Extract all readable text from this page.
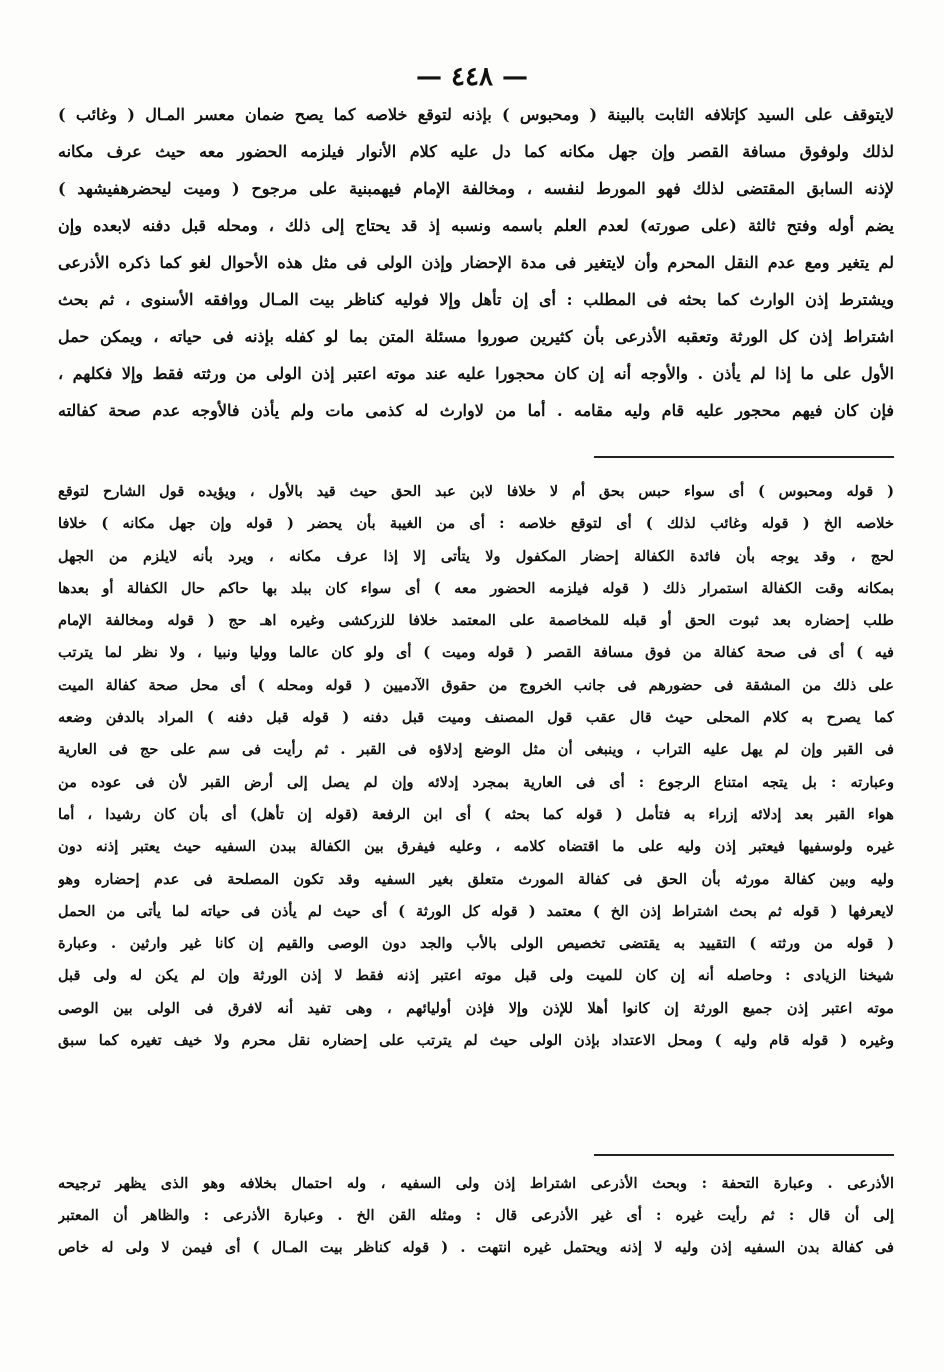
— ٤٤٨ —
لايتوقف على السيد كإتلافه الثابت بالبينة ( ومحبوس ) بإذنه لتوقع خلاصه كما يصح ضمان معسر المـال ( وغائب )
لذلك ولوفوق مسافة القصر وإن جهل مكانه كما دل عليه كلام الأنوار فيلزمه الحضور معه حيث عرف مكانه
لإذنه السابق المقتضى لذلك فهو المورط لنفسه ، ومخالفة الإمام فيهمبنية على مرجوح ( وميت ليحضرهفيشهد )
يضم أوله وفتح ثالثة (على صورته) لعدم العلم باسمه ونسبه إذ قد يحتاج إلى ذلك ، ومحله قبل دفنه لابعده وإن
لم يتغير ومع عدم النقل المحرم وأن لايتغير فى مدة الإحضار وإذن الولى فى مثل هذه الأحوال لغو كما ذكره الأذرعى
ويشترط إذن الوارث كما بحثه فى المطلب : أى إن تأهل وإلا فوليه كناظر بيت المـال ووافقه الأسنوى ، ثم بحث
اشتراط إذن كل الورثة وتعقبه الأذرعى بأن كثيرين صوروا مسئلة المتن بما لو كفله بإذنه فى حياته ، ويمكن حمل
الأول على ما إذا لم يأذن . والأوجه أنه إن كان محجورا عليه عند موته اعتبر إذن الولى من ورثته فقط وإلا فكلهم ،
فإن كان فيهم محجور عليه قام وليه مقامه . أما من لاوارث له كذمى مات ولم يأذن فالأوجه عدم صحة كفالته
( قوله ومحبوس ) أى سواء حبس بحق أم لا خلافا لابن عبد الحق حيث قيد بالأول ، ويؤيده قول الشارح لتوقع
خلاصه الخ ( قوله وغائب لذلك ) أى لتوقع خلاصه : أى من الغيبة بأن يحضر ( قوله وإن جهل مكانه ) خلافا
لحج ، وقد يوجه بأن فائدة الكفالة إحضار المكفول ولا يتأتى إلا إذا عرف مكانه ، ويرد بأنه لايلزم من الجهل
بمكانه وقت الكفالة استمرار ذلك ( قوله فيلزمه الحضور معه ) أى سواء كان ببلد بها حاكم حال الكفالة أو بعدها
طلب إحضاره بعد ثبوت الحق أو قبله للمخاصمة على المعتمد خلافا للزركشى وغيره اهـ حج ( قوله ومخالفة الإمام
فيه ) أى فى صحة كفالة من فوق مسافة القصر ( قوله وميت ) أى ولو كان عالما ووليا ونبيا ، ولا نظر لما يترتب
على ذلك من المشقة فى حضورهم فى جانب الخروج من حقوق الآدميين ( قوله ومحله ) أى محل صحة كفالة الميت
كما يصرح به كلام المحلى حيث قال عقب قول المصنف وميت قبل دفنه ( قوله قبل دفنه ) المراد بالدفن وضعه
فى القبر وإن لم يهل عليه التراب ، وينبغى أن مثل الوضع إدلاؤه فى القبر . ثم رأيت فى سم على حج فى العارية
وعبارته : بل يتجه امتناع الرجوع : أى فى العارية بمجرد إدلائه وإن لم يصل إلى أرض القبر لأن فى عوده من
هواء القبر بعد إدلائه إزراء به فتأمل ( قوله كما بحثه ) أى ابن الرفعة (قوله إن تأهل) أى بأن كان رشيدا ، أما
غيره ولوسفيها فيعتبر إذن وليه على ما اقتضاه كلامه ، وعليه فيفرق بين الكفالة ببدن السفيه حيث يعتبر إذنه دون
وليه وبين كفالة مورثه بأن الحق فى كفالة المورث متعلق بغير السفيه وقد تكون المصلحة فى عدم إحضاره وهو
لايعرفها ( قوله ثم بحث اشتراط إذن الخ ) معتمد ( قوله كل الورثة ) أى حيث لم يأذن فى حياته لما يأتى من الحمل
( قوله من ورثته ) التقييد به يقتضى تخصيص الولى بالأب والجد دون الوصى والقيم إن كانا غير وارثين . وعبارة
شيخنا الزيادى : وحاصله أنه إن كان للميت ولى قبل موته اعتبر إذنه فقط لا إذن الورثة وإن لم يكن له ولى قبل
موته اعتبر إذن جميع الورثة إن كانوا أهلا للإذن وإلا فإذن أوليائهم ، وهى تفيد أنه لافرق فى الولى بين الوصى
وغيره ( قوله قام وليه ) ومحل الاعتداد بإذن الولى حيث لم يترتب على إحضاره نقل محرم ولا خيف تغيره كما سبق
الأذرعى . وعبارة التحفة : وبحث الأذرعى اشتراط إذن ولى السفيه ، وله احتمال بخلافه وهو الذى يظهر ترجيحه
إلى أن قال : ثم رأيت غيره : أى غير الأذرعى قال : ومثله القن الخ . وعبارة الأذرعى : والظاهر أن المعتبر
فى كفالة بدن السفيه إذن وليه لا إذنه ويحتمل غيره انتهت . ( قوله كناظر بيت المـال ) أى فيمن لا ولى له خاص
